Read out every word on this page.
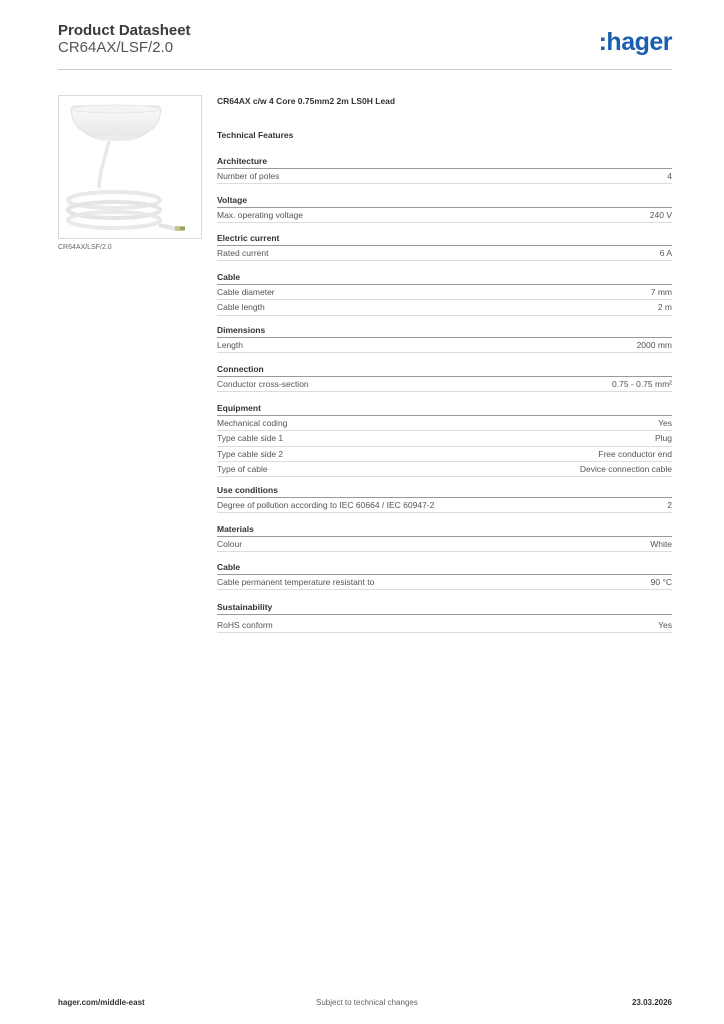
Product Datasheet
CR64AX/LSF/2.0	:hager
CR64AX/LSF/2.0
CR64AX c/w 4 Core 0.75mm2 2m LS0H Lead
Technical Features
Architecture
Number of poles	4
Voltage
Max. operating voltage	240 V
Electric current
Rated current	6 A
Cable
Cable diameter	7 mm
Cable length	2 m
Dimensions
Length	2000 mm
Connection
Conductor cross-section	0.75 - 0.75 mm²
Equipment
Mechanical coding	Yes
Type cable side 1	Plug
Type cable side 2	Free conductor end
Type of cable	Device connection cable
Use conditions
Degree of pollution according to IEC 60664 / IEC 60947-2	2
Materials
Colour	White
Cable
Cable permanent temperature resistant to	90 °C
Sustainability
RoHS conform	Yes
hager.com/middle-east	Subject to technical changes	23.03.2026
